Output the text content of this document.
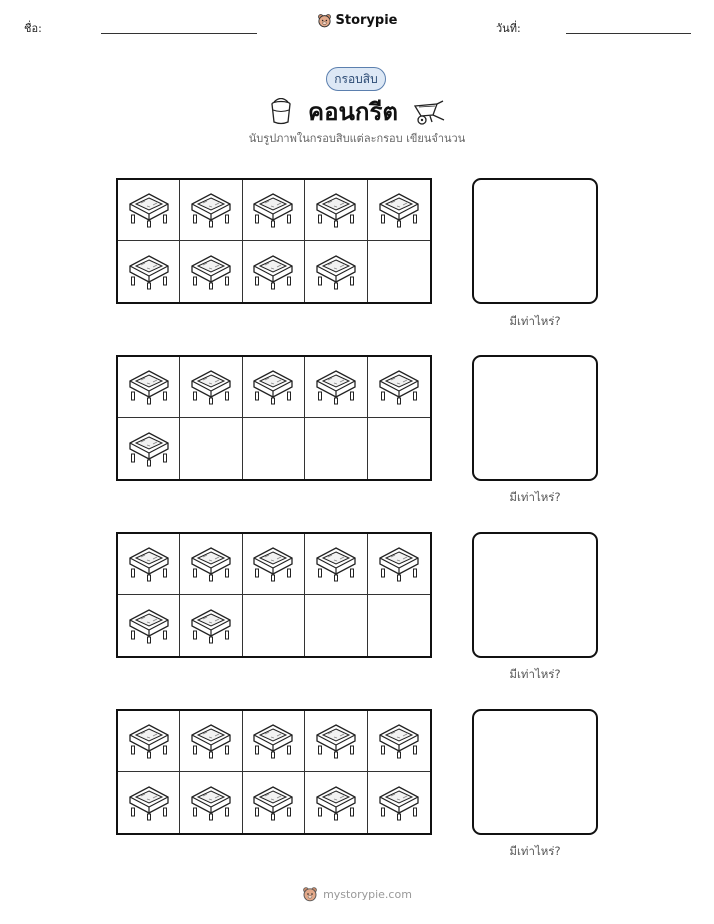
ชื่อ:	วันที่:
Storypie
กรอบสิบ
คอนกรีต
นับรูปภาพในกรอบสิบแต่ละกรอบ เขียนจำนวน
มีเท่าไหร่?
มีเท่าไหร่?
มีเท่าไหร่?
มีเท่าไหร่?
mystorypie.com
